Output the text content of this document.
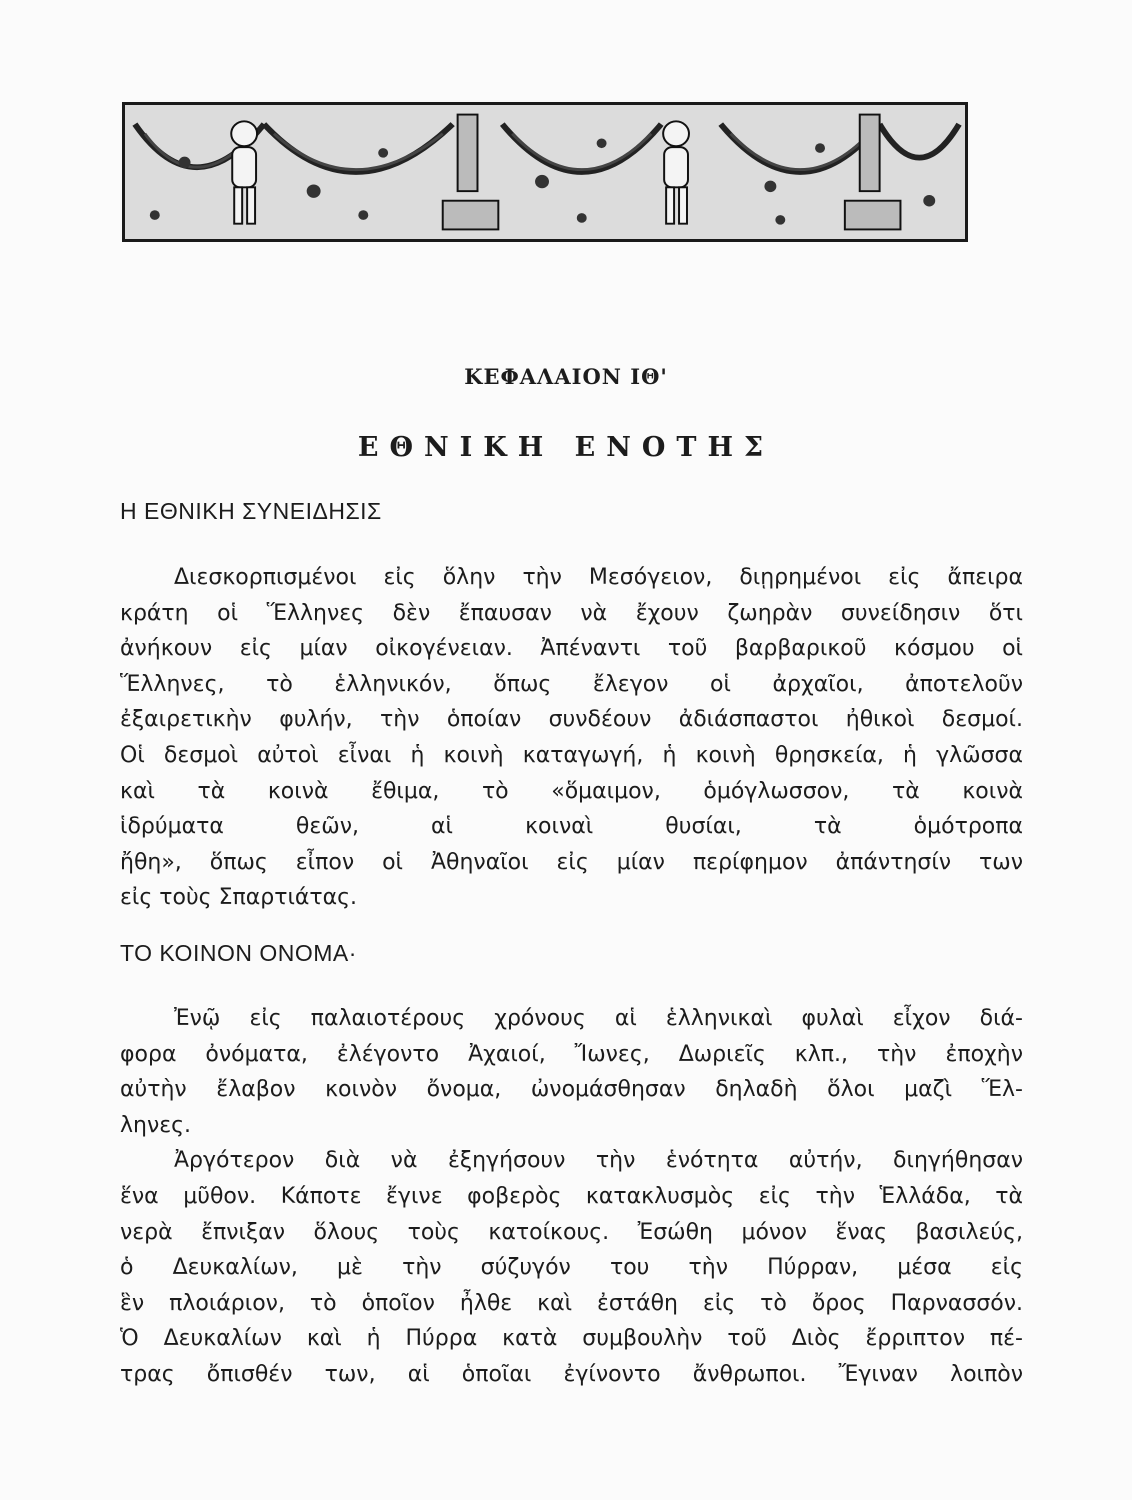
ΚΕΦΑΛΑΙΟΝ ΙΘ'
ΕΘΝΙΚΗ ΕΝΟΤΗΣ
Η ΕΘΝΙΚΗ ΣΥΝΕΙΔΗΣΙΣ
Διεσκορπισμένοι εἰς ὅλην τὴν Μεσόγειον, διῃρημένοι εἰς ἄπειρα
κράτη οἱ Ἕλληνες δὲν ἔπαυσαν νὰ ἔχουν ζωηρὰν συνείδησιν ὅτι
ἀνήκουν εἰς μίαν οἰκογένειαν. Ἀπέναντι τοῦ βαρβαρικοῦ κόσμου οἱ
Ἕλληνες, τὸ ἑλληνικόν, ὅπως ἔλεγον οἱ ἀρχαῖοι, ἀποτελοῦν
ἐξαιρετικὴν φυλήν, τὴν ὁποίαν συνδέουν ἀδιάσπαστοι ἠθικοὶ δεσμοί.
Οἱ δεσμοὶ αὐτοὶ εἶναι ἡ κοινὴ καταγωγή, ἡ κοινὴ θρησκεία, ἡ γλῶσσα
καὶ τὰ κοινὰ ἔθιμα, τὸ «ὅμαιμον, ὁμόγλωσσον, τὰ κοινὰ
ἱδρύματα θεῶν, αἱ κοιναὶ θυσίαι, τὰ ὁμότροπα
ἤθη», ὅπως εἶπον οἱ Ἀθηναῖοι εἰς μίαν περίφημον ἀπάντησίν των
εἰς τοὺς Σπαρτιάτας.
ΤΟ ΚΟΙΝΟΝ ΟΝΟΜΑ·
Ἐνῷ εἰς παλαιοτέρους χρόνους αἱ ἑλληνικαὶ φυλαὶ εἶχον διά-
φορα ὀνόματα, ἐλέγοντο Ἀχαιοί, Ἴωνες, Δωριεῖς κλπ., τὴν ἐποχὴν
αὐτὴν ἔλαβον κοινὸν ὄνομα, ὠνομάσθησαν δηλαδὴ ὅλοι μαζὶ Ἕλ-
ληνες.
Ἀργότερον διὰ νὰ ἐξηγήσουν τὴν ἑνότητα αὐτήν, διηγήθησαν
ἕνα μῦθον. Κάποτε ἔγινε φοβερὸς κατακλυσμὸς εἰς τὴν Ἑλλάδα, τὰ
νερὰ ἔπνιξαν ὅλους τοὺς κατοίκους. Ἐσώθη μόνον ἕνας βασιλεύς,
ὁ Δευκαλίων, μὲ τὴν σύζυγόν του τὴν Πύρραν, μέσα εἰς
ἓν πλοιάριον, τὸ ὁποῖον ἦλθε καὶ ἐστάθη εἰς τὸ ὄρος Παρνασσόν.
Ὁ Δευκαλίων καὶ ἡ Πύρρα κατὰ συμβουλὴν τοῦ Διὸς ἔρριπτον πέ-
τρας ὄπισθέν των, αἱ ὁποῖαι ἐγίνοντο ἄνθρωποι. Ἔγιναν λοιπὸν
